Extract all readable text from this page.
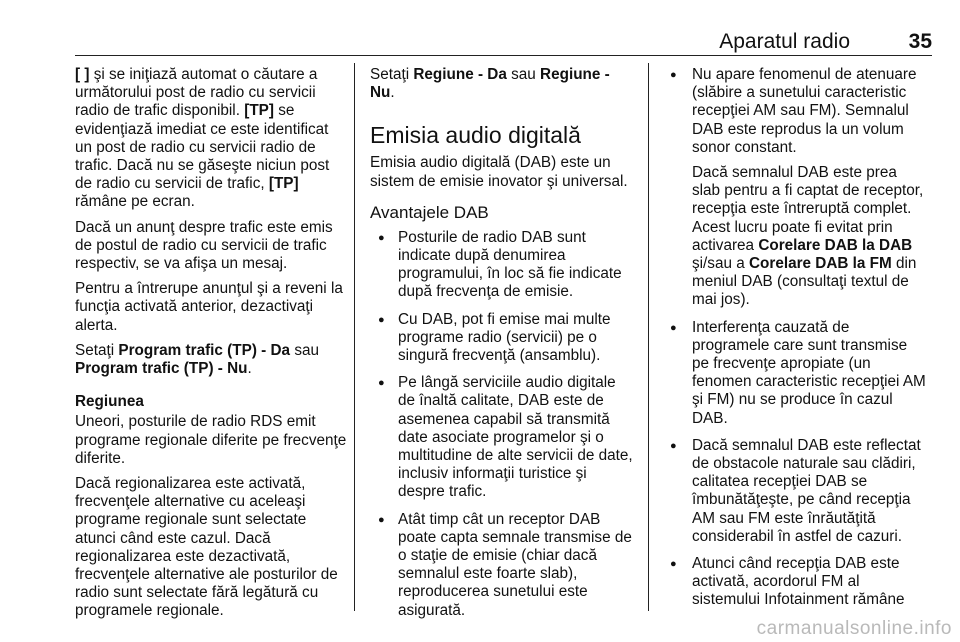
Aparatul radio	35

[ ] şi se iniţiază automat o căutare a următorului post de radio cu servicii radio de trafic disponibil. [TP] se evidenţiază imediat ce este identificat un post de radio cu servicii radio de trafic. Dacă nu se găseşte niciun post de radio cu servicii de trafic, [TP] rămâne pe ecran.

Dacă un anunţ despre trafic este emis de postul de radio cu servicii de trafic respectiv, se va afişa un mesaj.

Pentru a întrerupe anunţul şi a reveni la funcţia activată anterior, dezactivaţi alerta.

Setaţi Program trafic (TP) - Da sau Program trafic (TP) - Nu.

Regiunea

Uneori, posturile de radio RDS emit programe regionale diferite pe frecvenţe diferite.

Dacă regionalizarea este activată, frecvenţele alternative cu aceleaşi programe regionale sunt selectate atunci când este cazul. Dacă regionalizarea este dezactivată, frecvenţele alternative ale posturilor de radio sunt selectate fără legătură cu programele regionale.

Setaţi Regiune - Da sau Regiune - Nu.

Emisia audio digitală

Emisia audio digitală (DAB) este un sistem de emisie inovator şi universal.

Avantajele DAB

● Posturile de radio DAB sunt indicate după denumirea programului, în loc să fie indicate după frecvenţa de emisie.
● Cu DAB, pot fi emise mai multe programe radio (servicii) pe o singură frecvenţă (ansamblu).
● Pe lângă serviciile audio digitale de înaltă calitate, DAB este de asemenea capabil să transmită date asociate programelor şi o multitudine de alte servicii de date, inclusiv informaţii turistice şi despre trafic.
● Atât timp cât un receptor DAB poate capta semnale transmise de o staţie de emisie (chiar dacă semnalul este foarte slab), reproducerea sunetului este asigurată.

● Nu apare fenomenul de atenuare (slăbire a sunetului caracteristic recepţiei AM sau FM). Semnalul DAB este reprodus la un volum sonor constant.

Dacă semnalul DAB este prea slab pentru a fi captat de receptor, recepţia este întreruptă complet. Acest lucru poate fi evitat prin activarea Corelare DAB la DAB şi/sau a Corelare DAB la FM din meniul DAB (consultaţi textul de mai jos).

● Interferenţa cauzată de programele care sunt transmise pe frecvenţe apropiate (un fenomen caracteristic recepţiei AM şi FM) nu se produce în cazul DAB.
● Dacă semnalul DAB este reflectat de obstacole naturale sau clădiri, calitatea recepţiei DAB se îmbunătăţeşte, pe când recepţia AM sau FM este înrăutăţită considerabil în astfel de cazuri.
● Atunci când recepţia DAB este activată, acordorul FM al sistemului Infotainment rămâne
carmanualsonline.info
